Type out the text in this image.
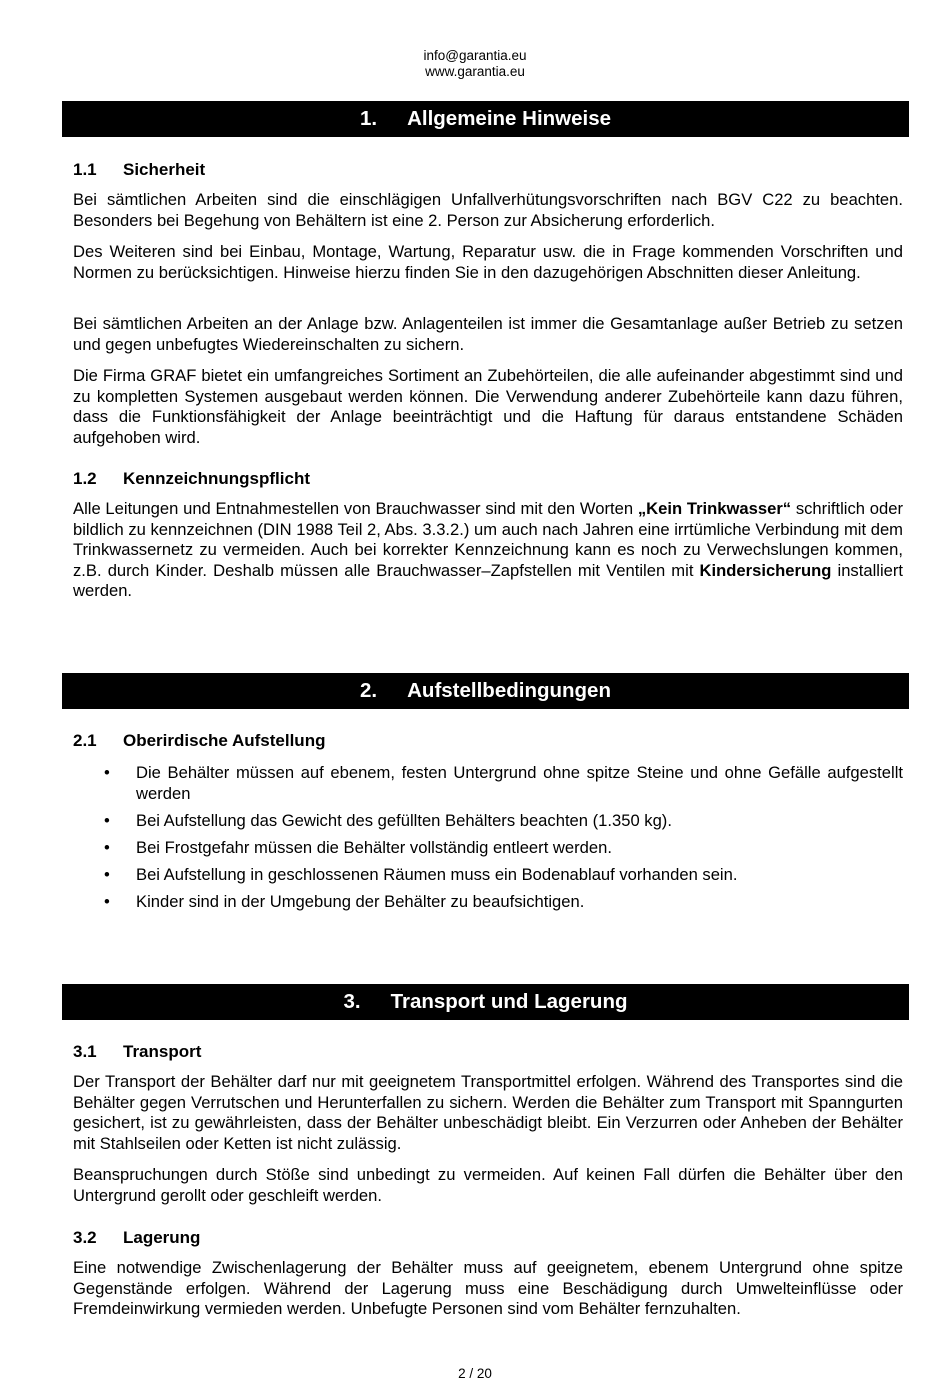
info@garantia.eu
www.garantia.eu
1. Allgemeine Hinweise
1.1 Sicherheit

Bei sämtlichen Arbeiten sind die einschlägigen Unfallverhütungsvorschriften nach BGV C22 zu beachten. Besonders bei Begehung von Behältern ist eine 2. Person zur Absicherung erforderlich.

Des Weiteren sind bei Einbau, Montage, Wartung, Reparatur usw. die in Frage kommenden Vorschriften und Normen zu berücksichtigen. Hinweise hierzu finden Sie in den dazugehörigen Abschnitten dieser Anleitung.

Bei sämtlichen Arbeiten an der Anlage bzw. Anlagenteilen ist immer die Gesamtanlage außer Betrieb zu setzen und gegen unbefugtes Wiedereinschalten zu sichern.

Die Firma GRAF bietet ein umfangreiches Sortiment an Zubehörteilen, die alle aufeinander abgestimmt sind und zu kompletten Systemen ausgebaut werden können. Die Verwendung anderer Zubehörteile kann dazu führen, dass die Funktionsfähigkeit der Anlage beeinträchtigt und die Haftung für daraus entstandene Schäden aufgehoben wird.

1.2 Kennzeichnungspflicht

Alle Leitungen und Entnahmestellen von Brauchwasser sind mit den Worten „Kein Trinkwasser“ schriftlich oder bildlich zu kennzeichnen (DIN 1988 Teil 2, Abs. 3.3.2.) um auch nach Jahren eine irrtümliche Verbindung mit dem Trinkwassernetz zu vermeiden. Auch bei korrekter Kennzeichnung kann es noch zu Verwechslungen kommen, z.B. durch Kinder. Deshalb müssen alle Brauchwasser–Zapfstellen mit Ventilen mit Kindersicherung installiert werden.

2. Aufstellbedingungen
2.1 Oberirdische Aufstellung
• Die Behälter müssen auf ebenem, festen Untergrund ohne spitze Steine und ohne Gefälle aufgestellt werden
• Bei Aufstellung das Gewicht des gefüllten Behälters beachten (1.350 kg).
• Bei Frostgefahr müssen die Behälter vollständig entleert werden.
• Bei Aufstellung in geschlossenen Räumen muss ein Bodenablauf vorhanden sein.
• Kinder sind in der Umgebung der Behälter zu beaufsichtigen.
3. Transport und Lagerung
3.1 Transport

Der Transport der Behälter darf nur mit geeignetem Transportmittel erfolgen. Während des Transportes sind die Behälter gegen Verrutschen und Herunterfallen zu sichern. Werden die Behälter zum Transport mit Spanngurten gesichert, ist zu gewährleisten, dass der Behälter unbeschädigt bleibt. Ein Verzurren oder Anheben der Behälter mit Stahlseilen oder Ketten ist nicht zulässig.

Beanspruchungen durch Stöße sind unbedingt zu vermeiden. Auf keinen Fall dürfen die Behälter über den Untergrund gerollt oder geschleift werden.

3.2 Lagerung

Eine notwendige Zwischenlagerung der Behälter muss auf geeignetem, ebenem Untergrund ohne spitze Gegenstände erfolgen. Während der Lagerung muss eine Beschädigung durch Umwelteinflüsse oder Fremdeinwirkung vermieden werden. Unbefugte Personen sind vom Behälter fernzuhalten.

2 / 20
